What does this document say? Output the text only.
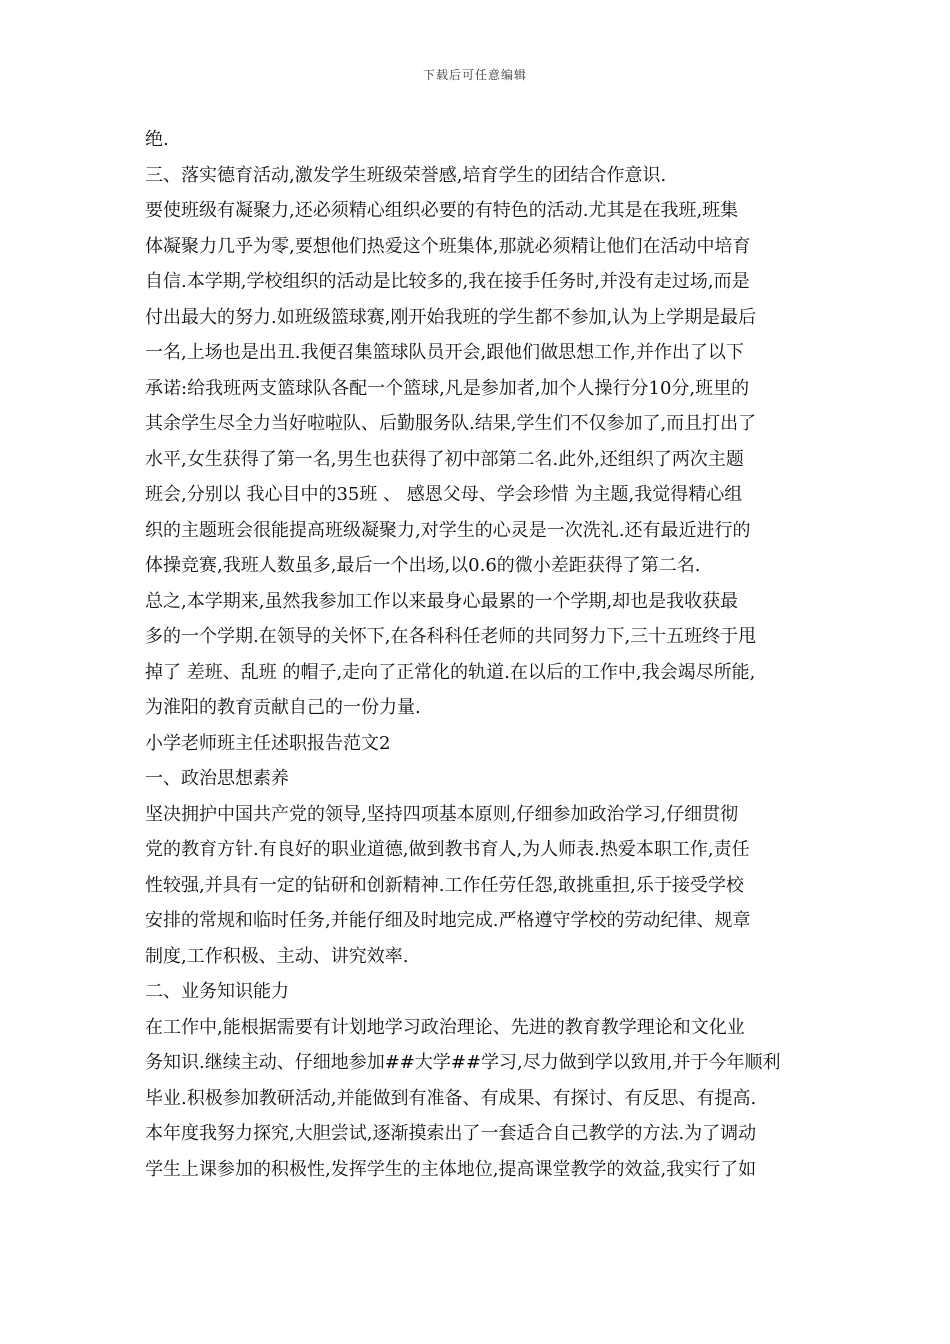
下载后可任意编辑
绝.
三、落实德育活动,激发学生班级荣誉感,培育学生的团结合作意识.
要使班级有凝聚力,还必须精心组织必要的有特色的活动.尤其是在我班,班集
体凝聚力几乎为零,要想他们热爱这个班集体,那就必须精让他们在活动中培育
自信.本学期,学校组织的活动是比较多的,我在接手任务时,并没有走过场,而是
付出最大的努力.如班级篮球赛,刚开始我班的学生都不参加,认为上学期是最后
一名,上场也是出丑.我便召集篮球队员开会,跟他们做思想工作,并作出了以下
承诺:给我班两支篮球队各配一个篮球,凡是参加者,加个人操行分10分,班里的
其余学生尽全力当好啦啦队、后勤服务队.结果,学生们不仅参加了,而且打出了
水平,女生获得了第一名,男生也获得了初中部第二名.此外,还组织了两次主题
班会,分别以 我心目中的35班 、 感恩父母、学会珍惜 为主题,我觉得精心组
织的主题班会很能提高班级凝聚力,对学生的心灵是一次洗礼.还有最近进行的
体操竞赛,我班人数虽多,最后一个出场,以0.6的微小差距获得了第二名.
总之,本学期来,虽然我参加工作以来最身心最累的一个学期,却也是我收获最
多的一个学期.在领导的关怀下,在各科科任老师的共同努力下,三十五班终于甩
掉了 差班、乱班 的帽子,走向了正常化的轨道.在以后的工作中,我会竭尽所能,
为淮阳的教育贡献自己的一份力量.
小学老师班主任述职报告范文2
一、政治思想素养
坚决拥护中国共产党的领导,坚持四项基本原则,仔细参加政治学习,仔细贯彻
党的教育方针.有良好的职业道德,做到教书育人,为人师表.热爱本职工作,责任
性较强,并具有一定的钻研和创新精神.工作任劳任怨,敢挑重担,乐于接受学校
安排的常规和临时任务,并能仔细及时地完成.严格遵守学校的劳动纪律、规章
制度,工作积极、主动、讲究效率.
二、业务知识能力
在工作中,能根据需要有计划地学习政治理论、先进的教育教学理论和文化业
务知识.继续主动、仔细地参加##大学##学习,尽力做到学以致用,并于今年顺利
毕业.积极参加教研活动,并能做到有准备、有成果、有探讨、有反思、有提高.
本年度我努力探究,大胆尝试,逐渐摸索出了一套适合自己教学的方法.为了调动
学生上课参加的积极性,发挥学生的主体地位,提高课堂教学的效益,我实行了如
